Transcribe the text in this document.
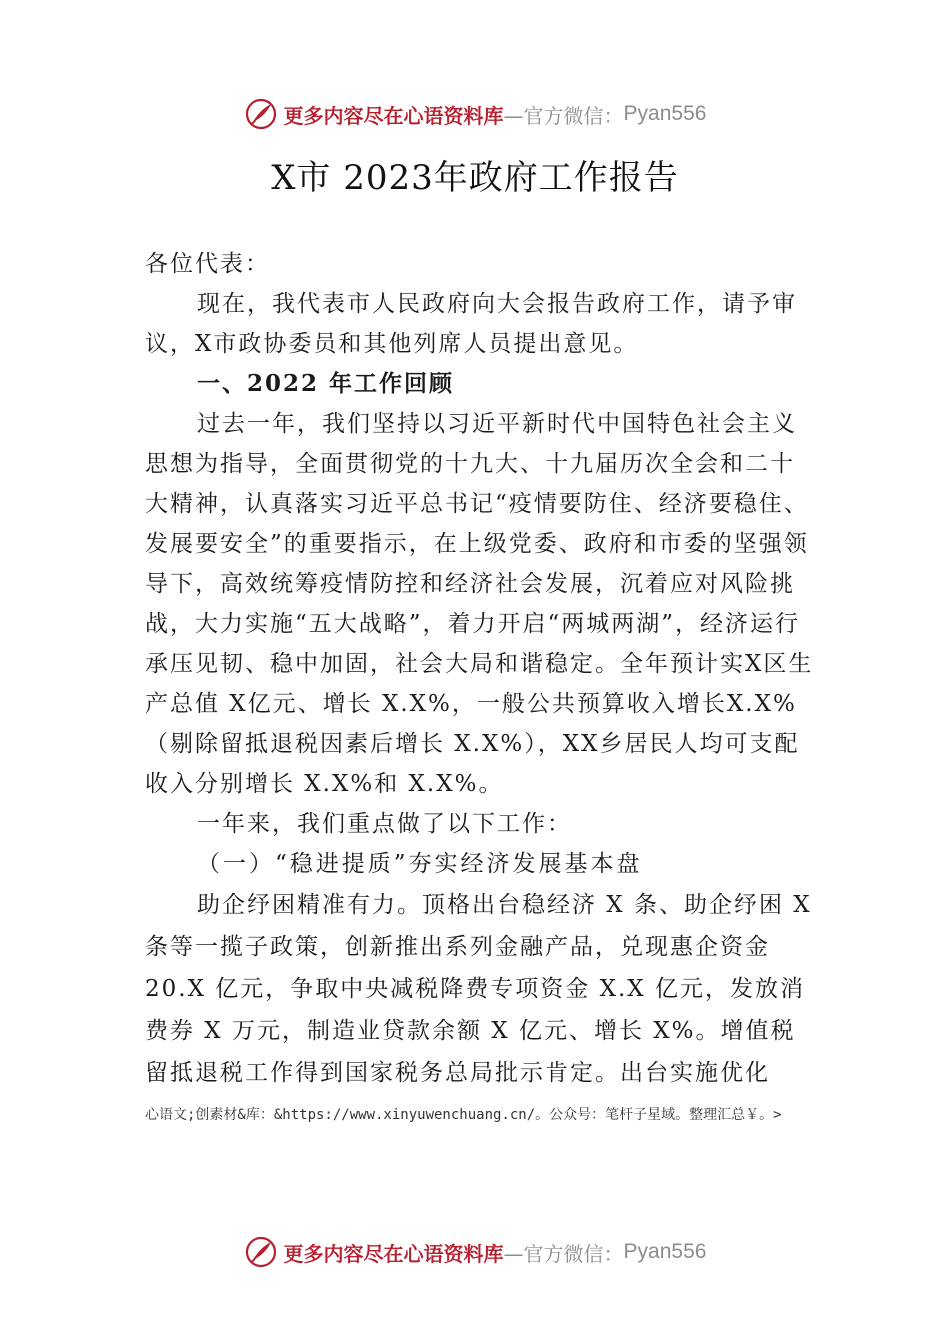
更多内容尽在心语资料库 —官方微信： Pyan556
X市 2023年政府工作报告

各位代表：

现在，我代表市人民政府向大会报告政府工作，请予审议，X市政协委员和其他列席人员提出意见。

一、2022 年工作回顾

过去一年，我们坚持以习近平新时代中国特色社会主义思想为指导，全面贯彻党的十九大、十九届历次全会和二十大精神，认真落实习近平总书记“疫情要防住、经济要稳住、发展要安全”的重要指示，在上级党委、政府和市委的坚强领导下，高效统筹疫情防控和经济社会发展，沉着应对风险挑战，大力实施“五大战略”，着力开启“两城两湖”，经济运行承压见韧、稳中加固，社会大局和谐稳定。全年预计实X区生产总值 X亿元、增长 X.X%，一般公共预算收入增长X.X%（剔除留抵退税因素后增长 X.X%），XX乡居民人均可支配收入分别增长 X.X%和 X.X%。

一年来，我们重点做了以下工作：

（一）“稳进提质”夯实经济发展基本盘

助企纾困精准有力。顶格出台稳经济 X 条、助企纾困 X条等一揽子政策，创新推出系列金融产品，兑现惠企资金20.X 亿元，争取中央减税降费专项资金 X.X 亿元，发放消费券 X 万元，制造业贷款余额 X 亿元、增长 X%。增值税留抵退税工作得到国家税务总局批示肯定。出台实施优化

心语文;创素材&库：&https://www.xinyuwenchuang.cn/。公众号：笔杆子星域。整理汇总￥。>
更多内容尽在心语资料库 —官方微信： Pyan556
